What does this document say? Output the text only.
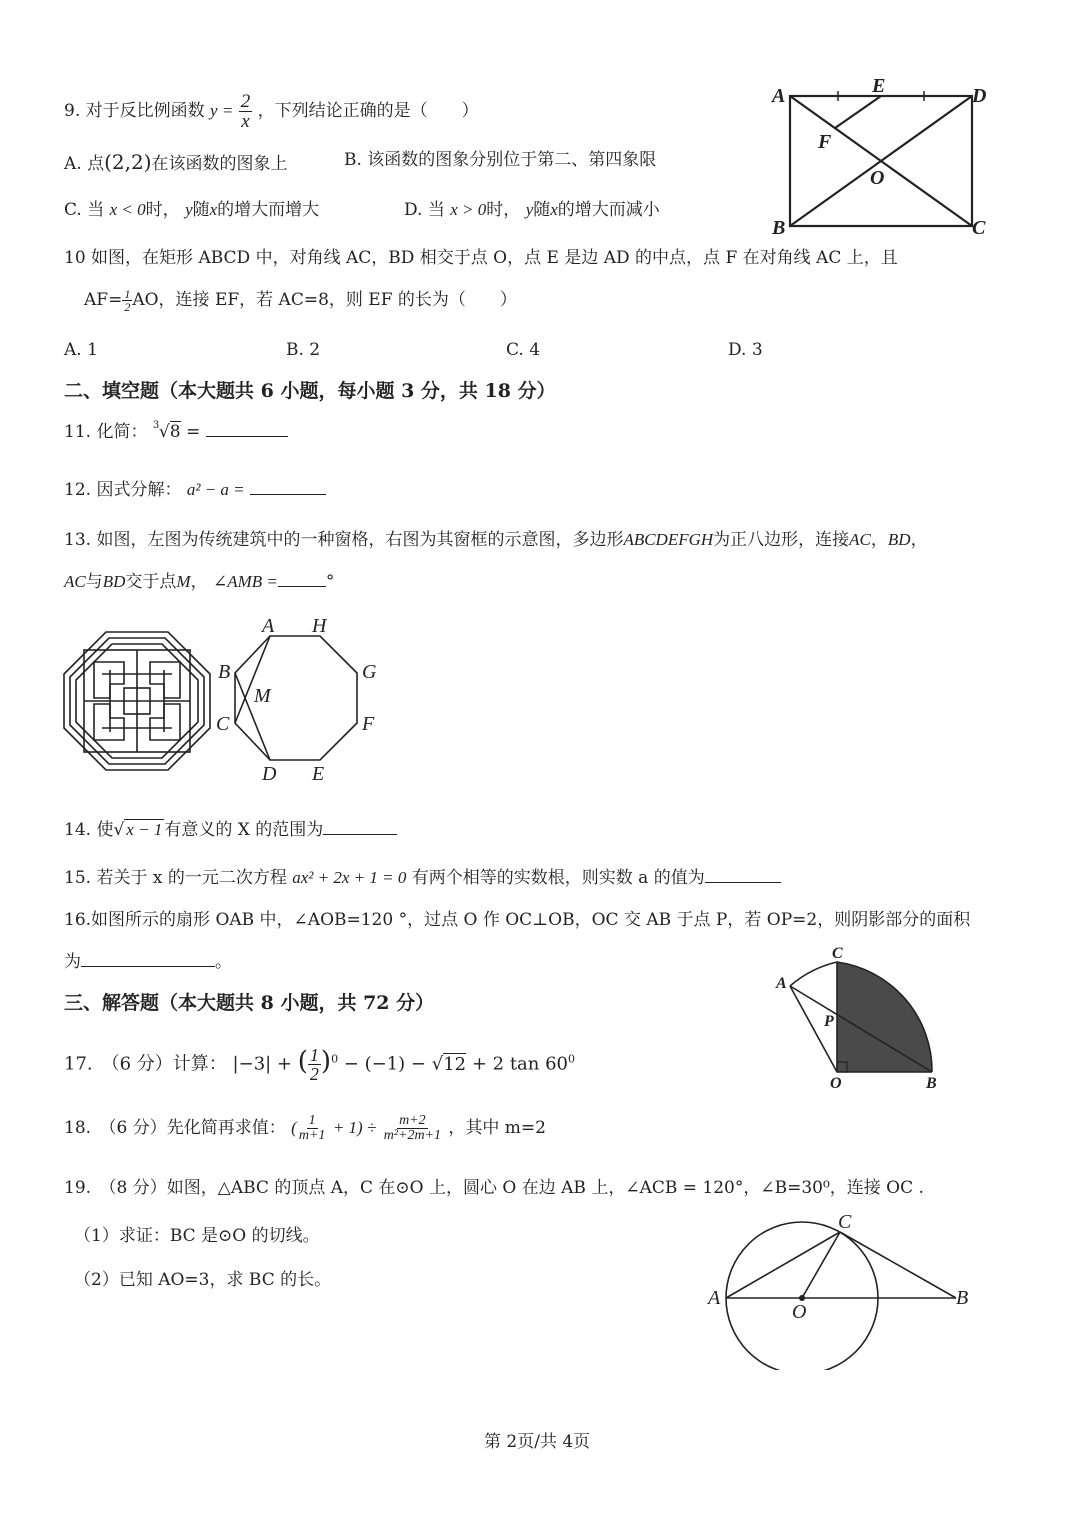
9. 对于反比例函数 $y = \frac{2}{x}$ ，下列结论正确的是（　　）
A. 点(2,2)在该函数的图象上	B. 该函数的图象分别位于第二、第四象限
C. 当 x < 0时， y随x的增大而增大	D. 当 x > 0时， y随x的增大而减小
A	E	D
F
O
B	C
10 如图，在矩形 ABCD 中，对角线 AC，BD 相交于点 O，点 E 是边 AD 的中点，点 F 在对角线 AC 上，且
$AF= \frac{1}{2}$ AO，连接 EF，若 AC=8，则 EF 的长为（　　）
A. 1	B. 2	C. 4	D. 3
二、填空题（本大题共 6 小题，每小题 3 分，共 18 分）
11. 化简： 3 √8 =
12. 因式分解： a² − a =
13. 如图，左图为传统建筑中的一种窗格，右图为其窗框的示意图，多边形ABCDEFGH为正八边形，连接AC，BD，
AC与BD交于点M， ∠AMB =	°
A H
B	G
M
C	F
D E
14. 使√ x − 1 有意义的 X 的范围为
15. 若关于 x 的一元二次方程 ax² + 2x + 1 = 0 有两个相等的实数根，则实数 a 的值为
16.如图所示的扇形 OAB 中，∠AOB=120 °，过点 O 作 OC⊥OB，OC 交 AB 于点 P，若 OP=2，则阴影部分的面积
为	。	C
A
P
O	B
三、解答题（本大题共 8 小题，共 72 分）
17.　（6 分）计算： |−3| + ( $\frac{1}{2} )^0 - (-1) - √12 + 2$ $\tan 60^0$
18.　（6 分）先化简再求值： ( $\frac{1}{m+1} + 1) \div \frac{m+2}{\text{m²+2m+1}}$ ，其中 m=2
19.　（8 分）如图，△ABC 的顶点 A，C 在⊙O 上，圆心 O 在边 AB 上，∠ACB = 120°，∠B=30⁰，连接 OC .
（1）求证：BC 是⊙O 的切线。
（2）已知 AO=3，求 BC 的长。
C
A
O
B
第 2页/共 4页
